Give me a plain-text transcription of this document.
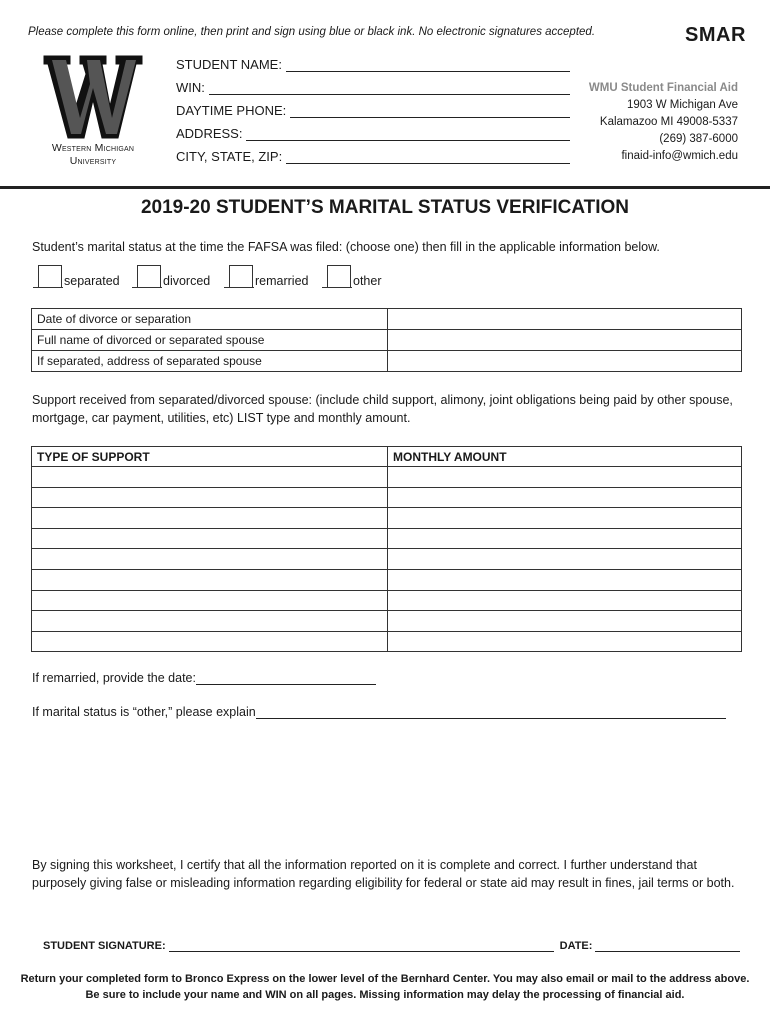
Please complete this form online, then print and sign using blue or black ink. No electronic signatures accepted.	SMAR
Western Michigan
University
STUDENT NAME:
WIN:
DAYTIME PHONE:
ADDRESS:
CITY, STATE, ZIP:
WMU Student Financial Aid
1903 W Michigan Ave
Kalamazoo MI 49008-5337
(269) 387-6000
finaid-info@wmich.edu
2019-20 STUDENT’S MARITAL STATUS VERIFICATION
Student’s marital status at the time the FAFSA was filed: (choose one) then fill in the applicable information below.
separated	divorced	remarried	other
Date of divorce or separation	
Full name of divorced or separated spouse	
If separated, address of separated spouse	
Support received from separated/divorced spouse: (include child support, alimony, joint obligations being paid by other spouse, mortgage, car payment, utilities, etc) LIST type and monthly amount.
TYPE OF SUPPORT	MONTHLY AMOUNT

If remarried, provide the date:
If marital status is “other,” please explain
By signing this worksheet, I certify that all the information reported on it is complete and correct. I further understand that purposely giving false or misleading information regarding eligibility for federal or state aid may result in fines, jail terms or both.
STUDENT SIGNATURE:	DATE:
Return your completed form to Bronco Express on the lower level of the Bernhard Center. You may also email or mail to the address above.
Be sure to include your name and WIN on all pages. Missing information may delay the processing of financial aid.
